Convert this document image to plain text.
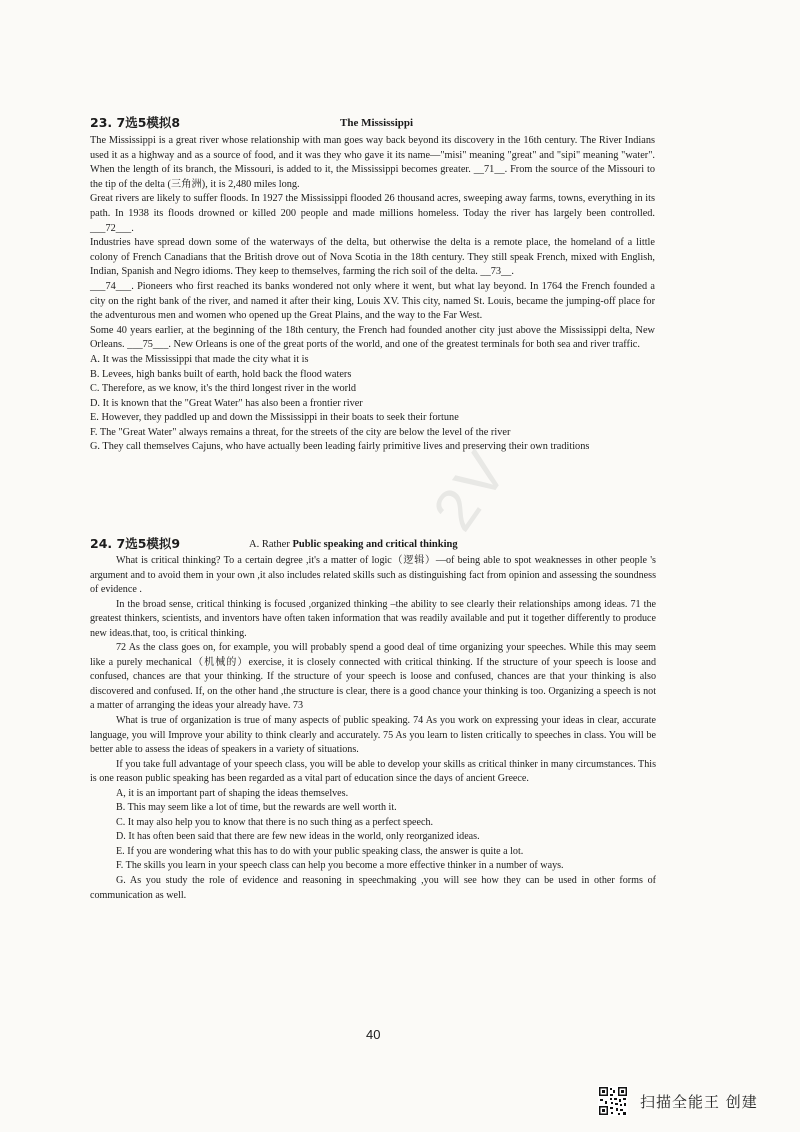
2V
23. 7选5模拟8	The Mississippi

The Mississippi is a great river whose relationship with man goes way back beyond its discovery in the 16th century. The River Indians used it as a highway and as a source of food, and it was they who gave it its name—"misi" meaning "great" and "sipi" meaning "water". When the length of its branch, the Missouri, is added to it, the Mississippi becomes greater. __71__. From the source of the Missouri to the tip of the delta (三角洲), it is 2,480 miles long.

Great rivers are likely to suffer floods. In 1927 the Mississippi flooded 26 thousand acres, sweeping away farms, towns, everything in its path. In 1938 its floods drowned or killed 200 people and made millions homeless. Today the river has largely been controlled. ___72___.

Industries have spread down some of the waterways of the delta, but otherwise the delta is a remote place, the homeland of a little colony of French Canadians that the British drove out of Nova Scotia in the 18th century. They still speak French, mixed with English, Indian, Spanish and Negro idioms. They keep to themselves, farming the rich soil of the delta. __73__.

___74___. Pioneers who first reached its banks wondered not only where it went, but what lay beyond. In 1764 the French founded a city on the right bank of the river, and named it after their king, Louis XV. This city, named St. Louis, became the jumping-off place for the adventurous men and women who opened up the Great Plains, and the way to the Far West.

Some 40 years earlier, at the beginning of the 18th century, the French had founded another city just above the Mississippi delta, New Orleans. ___75___. New Orleans is one of the great ports of the world, and one of the greatest terminals for both sea and river traffic.

A. It was the Mississippi that made the city what it is

B. Levees, high banks built of earth, hold back the flood waters

C. Therefore, as we know, it's the third longest river in the world

D. It is known that the "Great Water" has also been a frontier river

E. However, they paddled up and down the Mississippi in their boats to seek their fortune

F. The "Great Water" always remains a threat, for the streets of the city are below the level of the river

G. They call themselves Cajuns, who have actually been leading fairly primitive lives and preserving their own traditions

24. 7选5模拟9	A. Rather Public speaking and critical thinking

What is critical thinking? To a certain degree ,it's a matter of logic（逻辑）—of being able to spot weaknesses in other people 's argument and to avoid them in your own ,it also includes related skills such as distinguishing fact from opinion and assessing the soundness of evidence .

In the broad sense, critical thinking is focused ,organized thinking –the ability to see clearly their relationships among ideas. 71 the greatest thinkers, scientists, and inventors have often taken information that was readily available and put it together differently to produce new ideas.that, too, is critical thinking.

72 As the class goes on, for example, you will probably spend a good deal of time organizing your speeches. While this may seem like a purely mechanical（机械的）exercise, it is closely connected with critical thinking. If the structure of your speech is loose and confused, chances are that your thinking. If the structure of your speech is loose and confused, chances are that your thinking is also discovered and confused. If, on the other hand ,the structure is clear, there is a good chance your thinking is too. Organizing a speech is not a matter of arranging the ideas your already have. 73

What is true of organization is true of many aspects of public speaking. 74 As you work on expressing your ideas in clear, accurate language, you will Improve your ability to think clearly and accurately. 75 As you learn to listen critically to speeches in class. You will be better able to assess the ideas of speakers in a variety of situations.

If you take full advantage of your speech class, you will be able to develop your skills as critical thinker in many circumstances. This is one reason public speaking has been regarded as a vital part of education since the days of ancient Greece.

A, it is an important part of shaping the ideas themselves.

B. This may seem like a lot of time, but the rewards are well worth it.

C. It may also help you to know that there is no such thing as a perfect speech.

D. It has often been said that there are few new ideas in the world, only reorganized ideas.

E. If you are wondering what this has to do with your public speaking class, the answer is quite a lot.

F. The skills you learn in your speech class can help you become a more effective thinker in a number of ways.

G. As you study the role of evidence and reasoning in speechmaking ,you will see how they can be used in other forms of communication as well.

40
扫描全能王 创建
